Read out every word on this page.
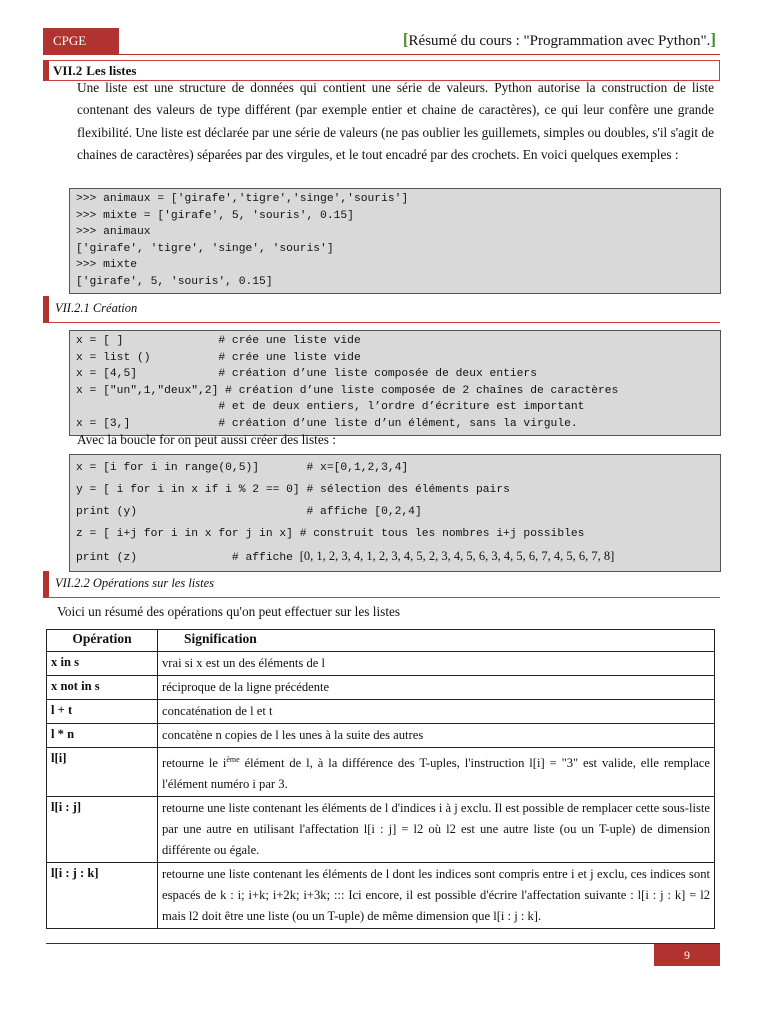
CPGE	[Résumé du cours : "Programmation avec Python".]
VII.2 Les listes

Une liste est une structure de données qui contient une série de valeurs. Python autorise la construction de liste contenant des valeurs de type différent (par exemple entier et chaine de caractères), ce qui leur confère une grande flexibilité. Une liste est déclarée par une série de valeurs (ne pas oublier les guillemets, simples ou doubles, s'il s'agit de chaines de caractères) séparées par des virgules, et le tout encadré par des crochets. En voici quelques exemples :

>>> animaux = ['girafe','tigre','singe','souris']
>>> mixte = ['girafe', 5, 'souris', 0.15]
>>> animaux
['girafe', 'tigre', 'singe', 'souris']
>>> mixte
['girafe', 5, 'souris', 0.15]
VII.2.1 Création
x = [ ]              # crée une liste vide
x = list ()          # crée une liste vide
x = [4,5]            # création d’une liste composée de deux entiers
x = ["un",1,"deux",2] # création d’une liste composée de 2 chaînes de caractères
# et de deux entiers, l’ordre d’écriture est important
x = [3,]             # création d’une liste d’un élément, sans la virgule.
Avec la boucle for on peut aussi créer des listes :
x = [i for i in range(0,5)]       # x=[0,1,2,3,4]
y = [ i for i in x if i % 2 == 0] # sélection des éléments pairs
print (y)                         # affiche [0,2,4]
z = [ i+j for i in x for j in x] # construit tous les nombres i+j possibles
print (z)              # affiche [0, 1, 2, 3, 4, 1, 2, 3, 4, 5, 2, 3, 4, 5, 6, 3, 4, 5, 6, 7, 4, 5, 6, 7, 8]
VII.2.2 Opérations sur les listes
Voici un résumé des opérations qu'on peut effectuer sur les listes
Opération	Signification
x in s	vrai si x est un des éléments de l
x not in s	réciproque de la ligne précédente
l + t	concaténation de l et t
l * n	concatène n copies de l les unes à la suite des autres
l[i]	retourne le $i^{ème}$ élément de l, à la différence des T-uples, l'instruction l[i] = "3" est valide, elle remplace l'élément numéro i par 3.
l[i : j]	retourne une liste contenant les éléments de l d'indices i à j exclu. Il est possible de remplacer cette sous-liste par une autre en utilisant l'affectation l[i : j] = l2 où l2 est une autre liste (ou un T-uple) de dimension différente ou égale.
l[i : j : k]	retourne une liste contenant les éléments de l dont les indices sont compris entre i et j exclu, ces indices sont espacés de k : i; i+k; i+2k; i+3k; ::: Ici encore, il est possible d'écrire l'affectation suivante : l[i : j : k] = l2 mais l2 doit être une liste (ou un T-uple) de même dimension que l[i : j : k].
9
